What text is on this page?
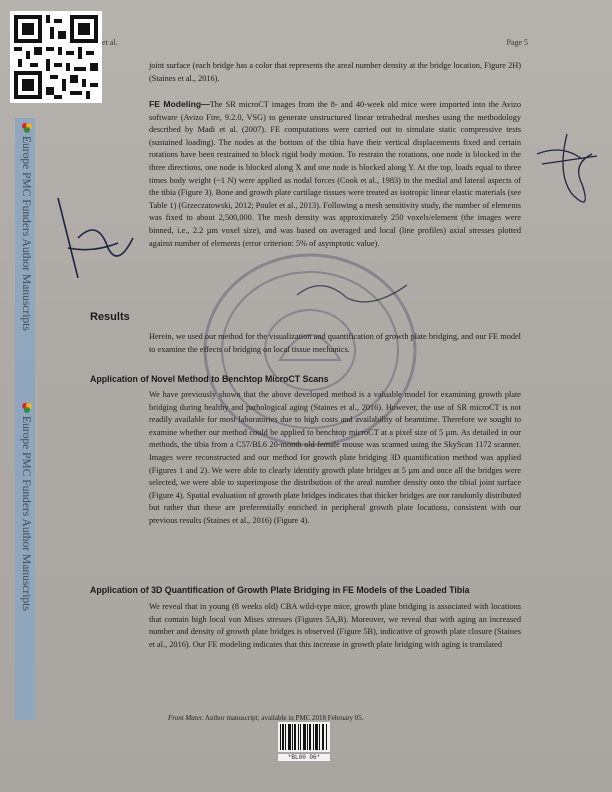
et al.	Page 5
Europe PMC Funders Author Manuscripts
Europe PMC Funders Author Manuscripts

joint surface (each bridge has a color that represents the areal number density at the bridge location, Figure 2H) (Staines et al., 2016).

FE Modeling—The SR microCT images from the 8- and 40-week old mice were imported into the Avizo software (Avizo Fire, 9.2.0, VSG) to generate unstructured linear tetrahedral meshes using the methodology described by Madi et al. (2007). FE computations were carried out to simulate static compressive tests (sustained loading). The nodes at the bottom of the tibia have their vertical displacements fixed and certain rotations have been restrained to block rigid body motion. To restrain the rotations, one node is blocked in the three directions, one node is blocked along X and one node is blocked along Y. At the top, loads equal to three times body weight (~1 N) were applied as nodal forces (Cook et al., 1983) in the medial and lateral aspects of the tibia (Figure 3). Bone and growth plate cartilage tissues were treated as isotropic linear elastic materials (see Table 1) (Grzeczatowski, 2012; Poulet et al., 2013). Following a mesh sensitivity study, the number of elements was fixed to about 2,500,000. The mesh density was approximately 250 voxels/element (the images were binned, i.e., 2.2 µm voxel size), and was based on averaged and local (line profiles) axial stresses plotted against number of elements (error criterion: 5% of asymptotic value).

Results

Herein, we used our method for the visualization and quantification of growth plate bridging, and our FE model to examine the effects of bridging on local tissue mechanics.

Application of Novel Method to Benchtop MicroCT Scans

We have previously shown that the above developed method is a valuable model for examining growth plate bridging during healthy and pathological aging (Staines et al., 2016). However, the use of SR microCT is not readily available for most laboratories due to high costs and availability of beamtime. Therefore we sought to examine whether our method could be applied to benchtop microCT at a pixel size of 5 µm. As detailed in our methods, the tibia from a C57/BL6 20-month old female mouse was scanned using the SkyScan 1172 scanner. Images were reconstructed and our method for growth plate bridging 3D quantification method was applied (Figures 1 and 2). We were able to clearly identify growth plate bridges at 5 µm and once all the bridges were selected, we were able to superimpose the distribution of the areal number density onto the tibial joint surface (Figure 4). Spatial evaluation of growth plate bridges indicates that thicker bridges are not randomly distributed but rather that these are preferentially enriched in peripheral growth plate locations, consistent with our previous results (Staines et al., 2016) (Figure 4).

Application of 3D Quantification of Growth Plate Bridging in FE Models of the Loaded Tibia

We reveal that in young (8 weeks old) CBA wild-type mice, growth plate bridging is associated with locations that contain high local von Mises stresses (Figures 5A,B). Moreover, we reveal that with aging an increased number and density of growth plate bridges is observed (Figure 5B), indicative of growth plate closure (Staines et al., 2016). Our FE modeling indicates that this increase in growth plate bridging with aging is translated

Front Mater. Author manuscript; available in PMC 2018 February 05.
*BL00 06*
